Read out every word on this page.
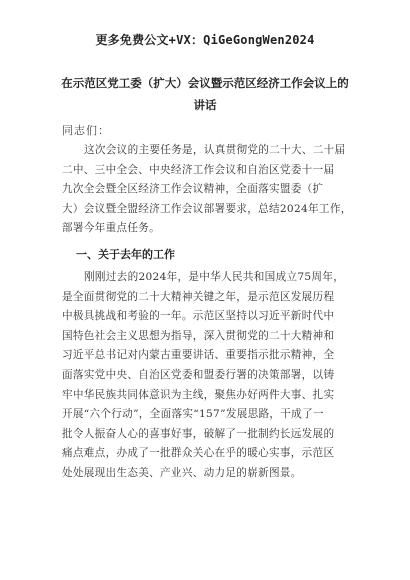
更多免费公文+VX：QiGeGongWen2024
在示范区党工委（扩大）会议暨示范区经济工作会议上的
讲话
同志们：
这次会议的主要任务是，认真贯彻党的二十大、二十届
二中、三中全会、中央经济工作会议和自治区党委十一届
九次全会暨全区经济工作会议精神，全面落实盟委（扩
大）会议暨全盟经济工作会议部署要求，总结2024年工作，
部署今年重点任务。
一、关于去年的工作
刚刚过去的2024年，是中华人民共和国成立75周年，
是全面贯彻党的二十大精神关键之年，是示范区发展历程
中极具挑战和考验的一年。示范区坚持以习近平新时代中
国特色社会主义思想为指导，深入贯彻党的二十大精神和
习近平总书记对内蒙古重要讲话、重要指示批示精神，全
面落实党中央、自治区党委和盟委行署的决策部署，以铸
牢中华民族共同体意识为主线，聚焦办好两件大事、扎实
开展“六个行动”，全面落实“157”发展思路，干成了一
批令人振奋人心的喜事好事，破解了一批制约长远发展的
痛点难点，办成了一批群众关心在乎的暖心实事，示范区
处处展现出生态美、产业兴、动力足的崭新图景。
